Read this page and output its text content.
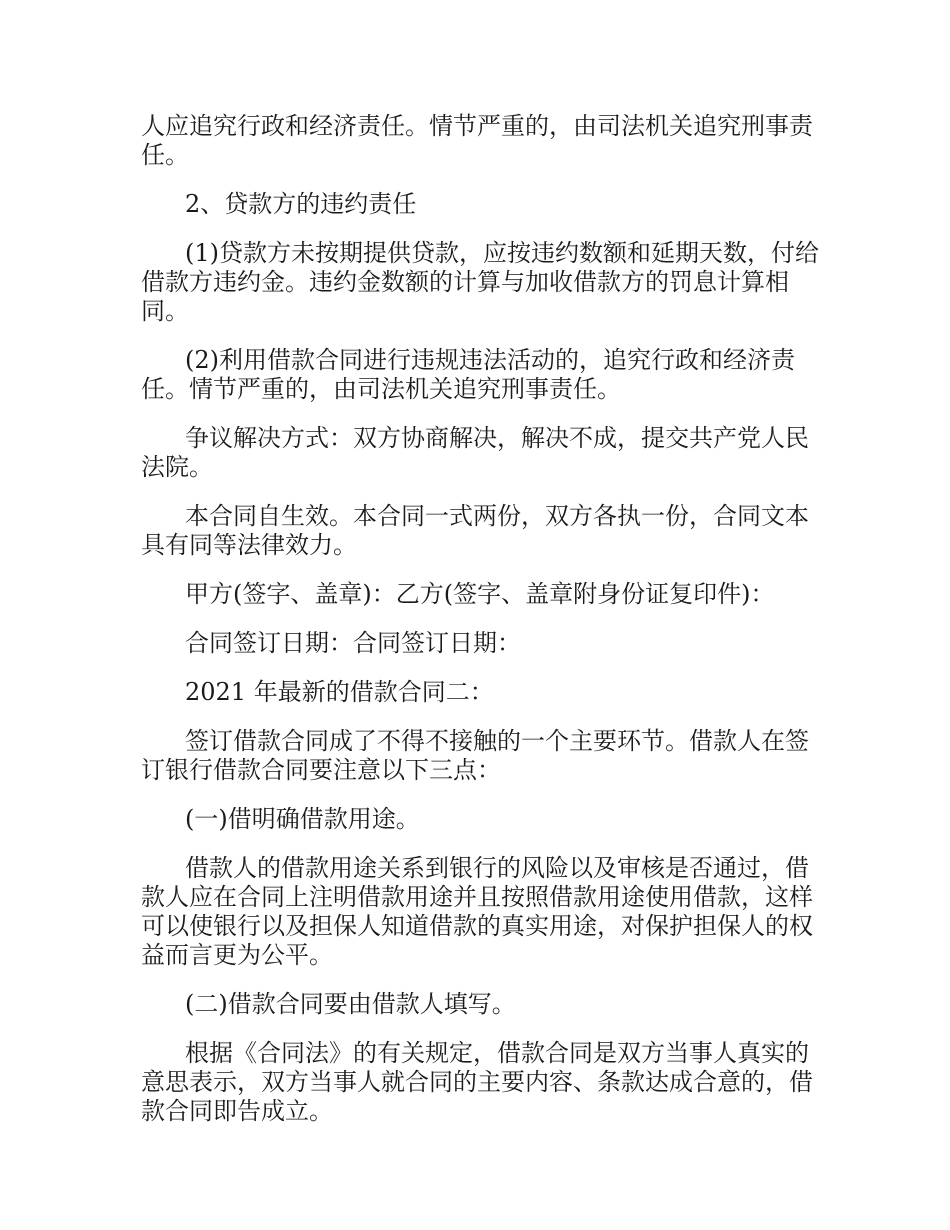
人应追究行政和经济责任。情节严重的，由司法机关追究刑事责任。

2、贷款方的违约责任

(1)贷款方未按期提供贷款，应按违约数额和延期天数，付给借款方违约金。违约金数额的计算与加收借款方的罚息计算相同。

(2)利用借款合同进行违规违法活动的，追究行政和经济责任。情节严重的，由司法机关追究刑事责任。

争议解决方式：双方协商解决，解决不成，提交共产党人民法院。

本合同自生效。本合同一式两份，双方各执一份，合同文本具有同等法律效力。

甲方(签字、盖章)：乙方(签字、盖章附身份证复印件)：

合同签订日期：合同签订日期：

2021 年最新的借款合同二：

签订借款合同成了不得不接触的一个主要环节。借款人在签订银行借款合同要注意以下三点：

(一)借明确借款用途。

借款人的借款用途关系到银行的风险以及审核是否通过，借款人应在合同上注明借款用途并且按照借款用途使用借款，这样可以使银行以及担保人知道借款的真实用途，对保护担保人的权益而言更为公平。

(二)借款合同要由借款人填写。

根据《合同法》的有关规定，借款合同是双方当事人真实的意思表示，双方当事人就合同的主要内容、条款达成合意的，借款合同即告成立。
